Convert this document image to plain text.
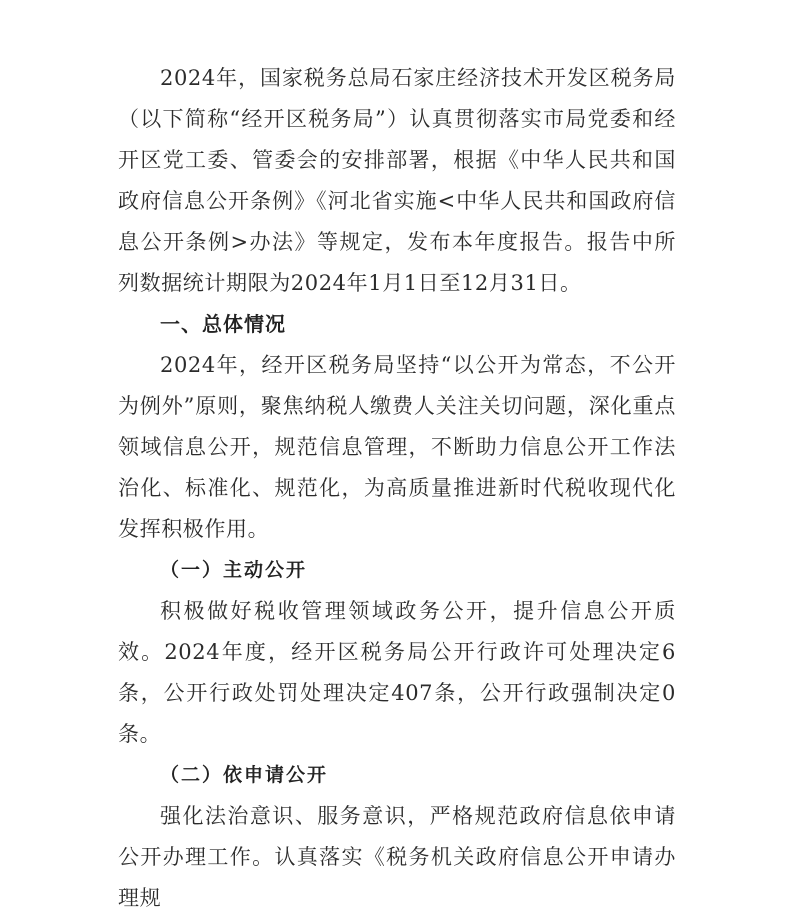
2024年，国家税务总局石家庄经济技术开发区税务局（以下简称“经开区税务局”）认真贯彻落实市局党委和经开区党工委、管委会的安排部署，根据《中华人民共和国政府信息公开条例》《河北省实施<中华人民共和国政府信息公开条例>办法》等规定，发布本年度报告。报告中所列数据统计期限为2024年1月1日至12月31日。

一、总体情况

2024年，经开区税务局坚持“以公开为常态，不公开为例外”原则，聚焦纳税人缴费人关注关切问题，深化重点领域信息公开，规范信息管理，不断助力信息公开工作法治化、标准化、规范化，为高质量推进新时代税收现代化发挥积极作用。

（一）主动公开

积极做好税收管理领域政务公开，提升信息公开质效。2024年度，经开区税务局公开行政许可处理决定6条，公开行政处罚处理决定407条，公开行政强制决定0条。

（二）依申请公开

强化法治意识、服务意识，严格规范政府信息依申请公开办理工作。认真落实《税务机关政府信息公开申请办理规
